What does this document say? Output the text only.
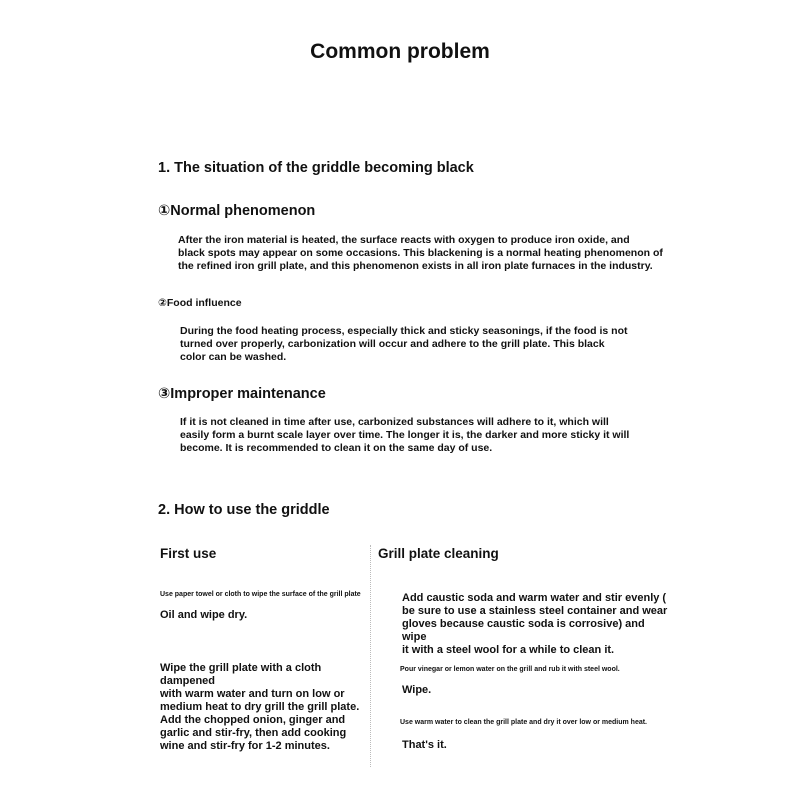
Common problem
1. The situation of the griddle becoming black
①Normal phenomenon
After the iron material is heated, the surface reacts with oxygen to produce iron oxide, and
black spots may appear on some occasions. This blackening is a normal heating phenomenon of
the refined iron grill plate, and this phenomenon exists in all iron plate furnaces in the industry.
②Food influence
During the food heating process, especially thick and sticky seasonings, if the food is not
turned over properly, carbonization will occur and adhere to the grill plate. This black
color can be washed.
③Improper maintenance
If it is not cleaned in time after use, carbonized substances will adhere to it, which will
easily form a burnt scale layer over time. The longer it is, the darker and more sticky it will
become. It is recommended to clean it on the same day of use.
2. How to use the griddle
First use
Use paper towel or cloth to wipe the surface of the grill plate
Oil and wipe dry.
Wipe the grill plate with a cloth dampened
with warm water and turn on low or
medium heat to dry grill the grill plate.
Add the chopped onion, ginger and
garlic and stir-fry, then add cooking
wine and stir-fry for 1-2 minutes.
Grill plate cleaning
Add caustic soda and warm water and stir evenly (
be sure to use a stainless steel container and wear
gloves because caustic soda is corrosive) and wipe
it with a steel wool for a while to clean it.
Pour vinegar or lemon water on the grill and rub it with steel wool.
Wipe.
Use warm water to clean the grill plate and dry it over low or medium heat.
That's it.
